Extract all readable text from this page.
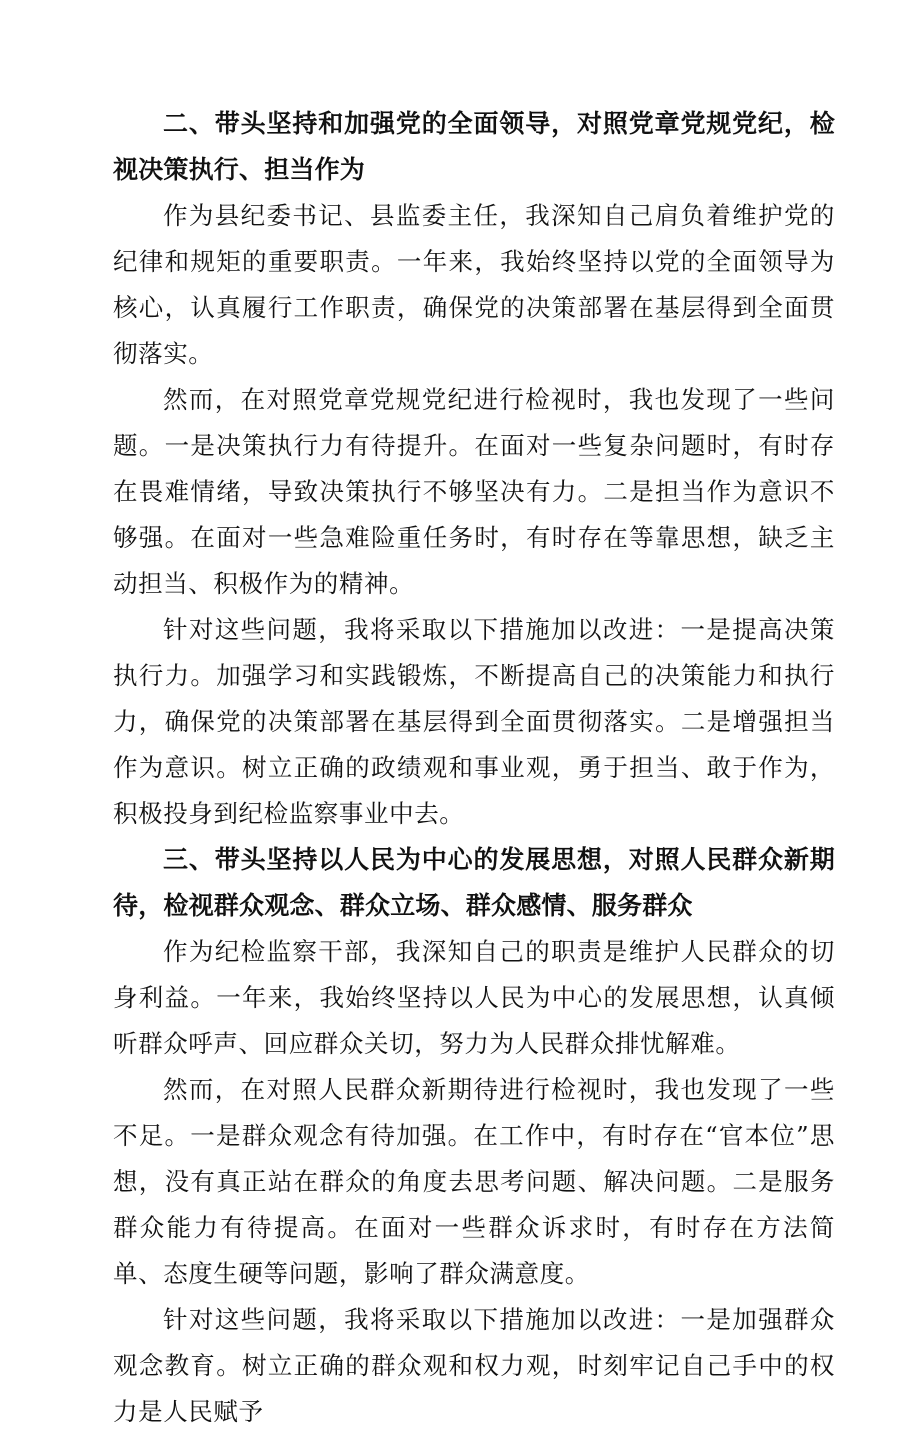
二、带头坚持和加强党的全面领导，对照党章党规党纪，检视决策执行、担当作为

作为县纪委书记、县监委主任，我深知自己肩负着维护党的纪律和规矩的重要职责。一年来，我始终坚持以党的全面领导为核心，认真履行工作职责，确保党的决策部署在基层得到全面贯彻落实。

然而，在对照党章党规党纪进行检视时，我也发现了一些问题。一是决策执行力有待提升。在面对一些复杂问题时，有时存在畏难情绪，导致决策执行不够坚决有力。二是担当作为意识不够强。在面对一些急难险重任务时，有时存在等靠思想，缺乏主动担当、积极作为的精神。

针对这些问题，我将采取以下措施加以改进：一是提高决策执行力。加强学习和实践锻炼，不断提高自己的决策能力和执行力，确保党的决策部署在基层得到全面贯彻落实。二是增强担当作为意识。树立正确的政绩观和事业观，勇于担当、敢于作为，积极投身到纪检监察事业中去。

三、带头坚持以人民为中心的发展思想，对照人民群众新期待，检视群众观念、群众立场、群众感情、服务群众

作为纪检监察干部，我深知自己的职责是维护人民群众的切身利益。一年来，我始终坚持以人民为中心的发展思想，认真倾听群众呼声、回应群众关切，努力为人民群众排忧解难。

然而，在对照人民群众新期待进行检视时，我也发现了一些不足。一是群众观念有待加强。在工作中，有时存在“官本位”思想，没有真正站在群众的角度去思考问题、解决问题。二是服务群众能力有待提高。在面对一些群众诉求时，有时存在方法简单、态度生硬等问题，影响了群众满意度。

针对这些问题，我将采取以下措施加以改进：一是加强群众观念教育。树立正确的群众观和权力观，时刻牢记自己手中的权力是人民赋予
